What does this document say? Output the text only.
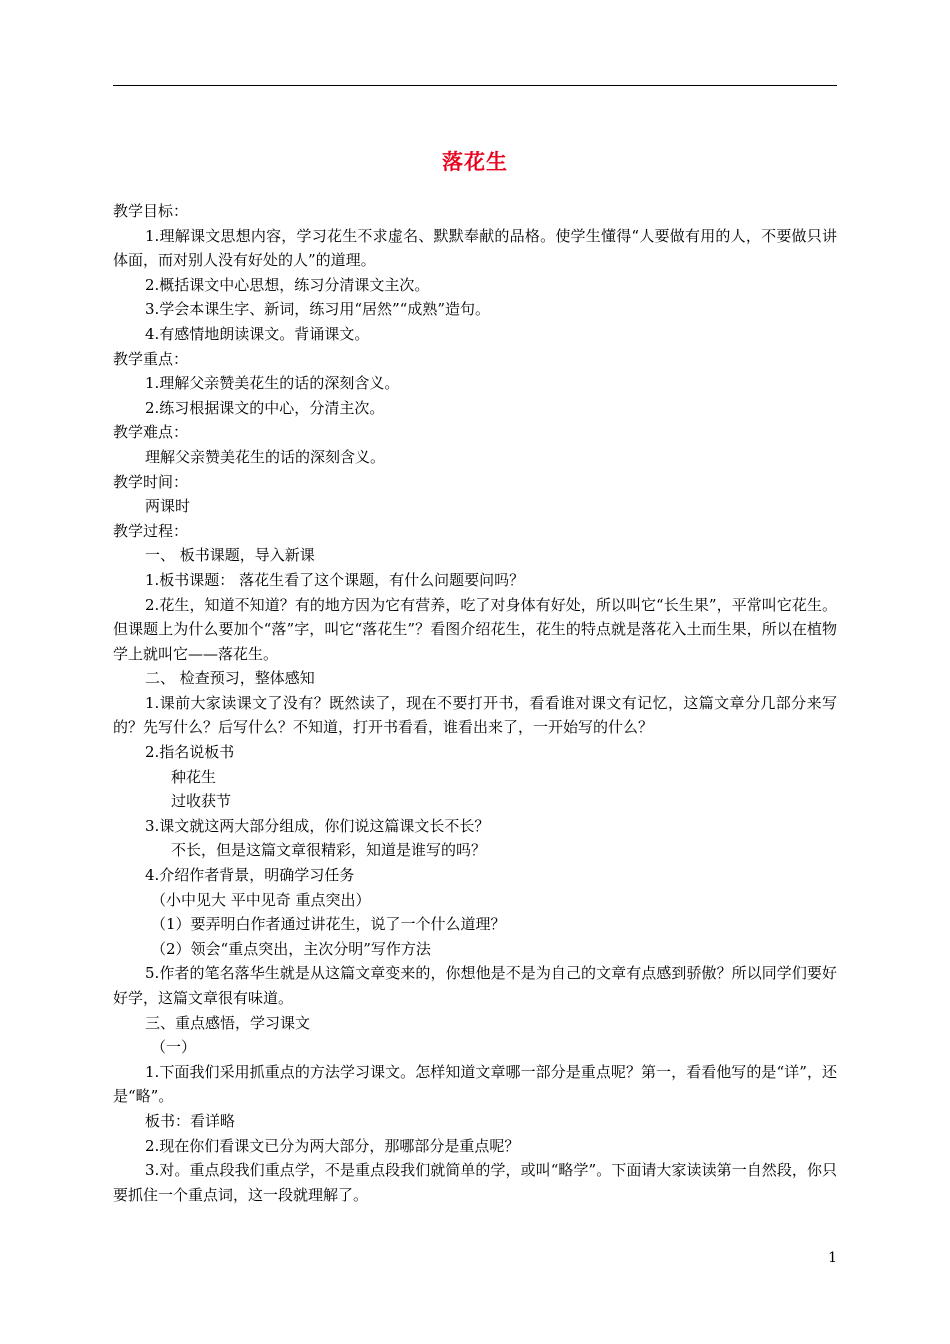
落花生

教学目标：

1.理解课文思想内容，学习花生不求虚名、默默奉献的品格。使学生懂得“人要做有用的人，不要做只讲体面，而对别人没有好处的人”的道理。

2.概括课文中心思想，练习分清课文主次。

3.学会本课生字、新词，练习用“居然”“成熟”造句。

4.有感情地朗读课文。背诵课文。

教学重点：

1.理解父亲赞美花生的话的深刻含义。

2.练习根据课文的中心，分清主次。

教学难点：

理解父亲赞美花生的话的深刻含义。

教学时间：

两课时

教学过程：

一、 板书课题，导入新课

1.板书课题： 落花生看了这个课题，有什么问题要问吗？

2.花生，知道不知道？有的地方因为它有营养，吃了对身体有好处，所以叫它“长生果”，平常叫它花生。但课题上为什么要加个“落”字，叫它“落花生”？看图介绍花生，花生的特点就是落花入土而生果，所以在植物学上就叫它——落花生。

二、 检查预习，整体感知

1.课前大家读课文了没有？既然读了，现在不要打开书，看看谁对课文有记忆，这篇文章分几部分来写的？先写什么？后写什么？不知道，打开书看看，谁看出来了，一开始写的什么？

2.指名说板书

种花生

过收获节

3.课文就这两大部分组成，你们说这篇课文长不长？

不长，但是这篇文章很精彩，知道是谁写的吗？

4.介绍作者背景，明确学习任务

（小中见大 平中见奇 重点突出）

（1）要弄明白作者通过讲花生，说了一个什么道理？

（2）领会“重点突出，主次分明”写作方法

5.作者的笔名落华生就是从这篇文章变来的，你想他是不是为自己的文章有点感到骄傲？所以同学们要好好学，这篇文章很有味道。

三、重点感悟，学习课文

（一）

1.下面我们采用抓重点的方法学习课文。怎样知道文章哪一部分是重点呢？第一，看看他写的是“详”，还是“略”。

板书：看详略

2.现在你们看课文已分为两大部分，那哪部分是重点呢？

3.对。重点段我们重点学，不是重点段我们就简单的学，或叫“略学”。下面请大家读读第一自然段，你只要抓住一个重点词，这一段就理解了。

1
